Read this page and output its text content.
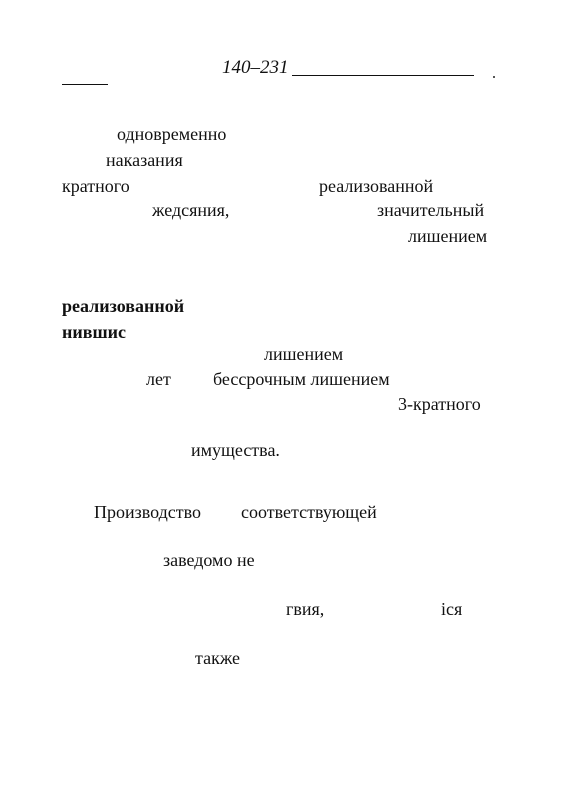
140–231
одновременно
наказания
кратного	реализованной
жедсяния,	значительный
лишением
реализованной
нившис
лишением
лет бессрочным лишением
3-кратного
имущества.
Производство соответствующей
заведомо не
гвия,	іся
также
